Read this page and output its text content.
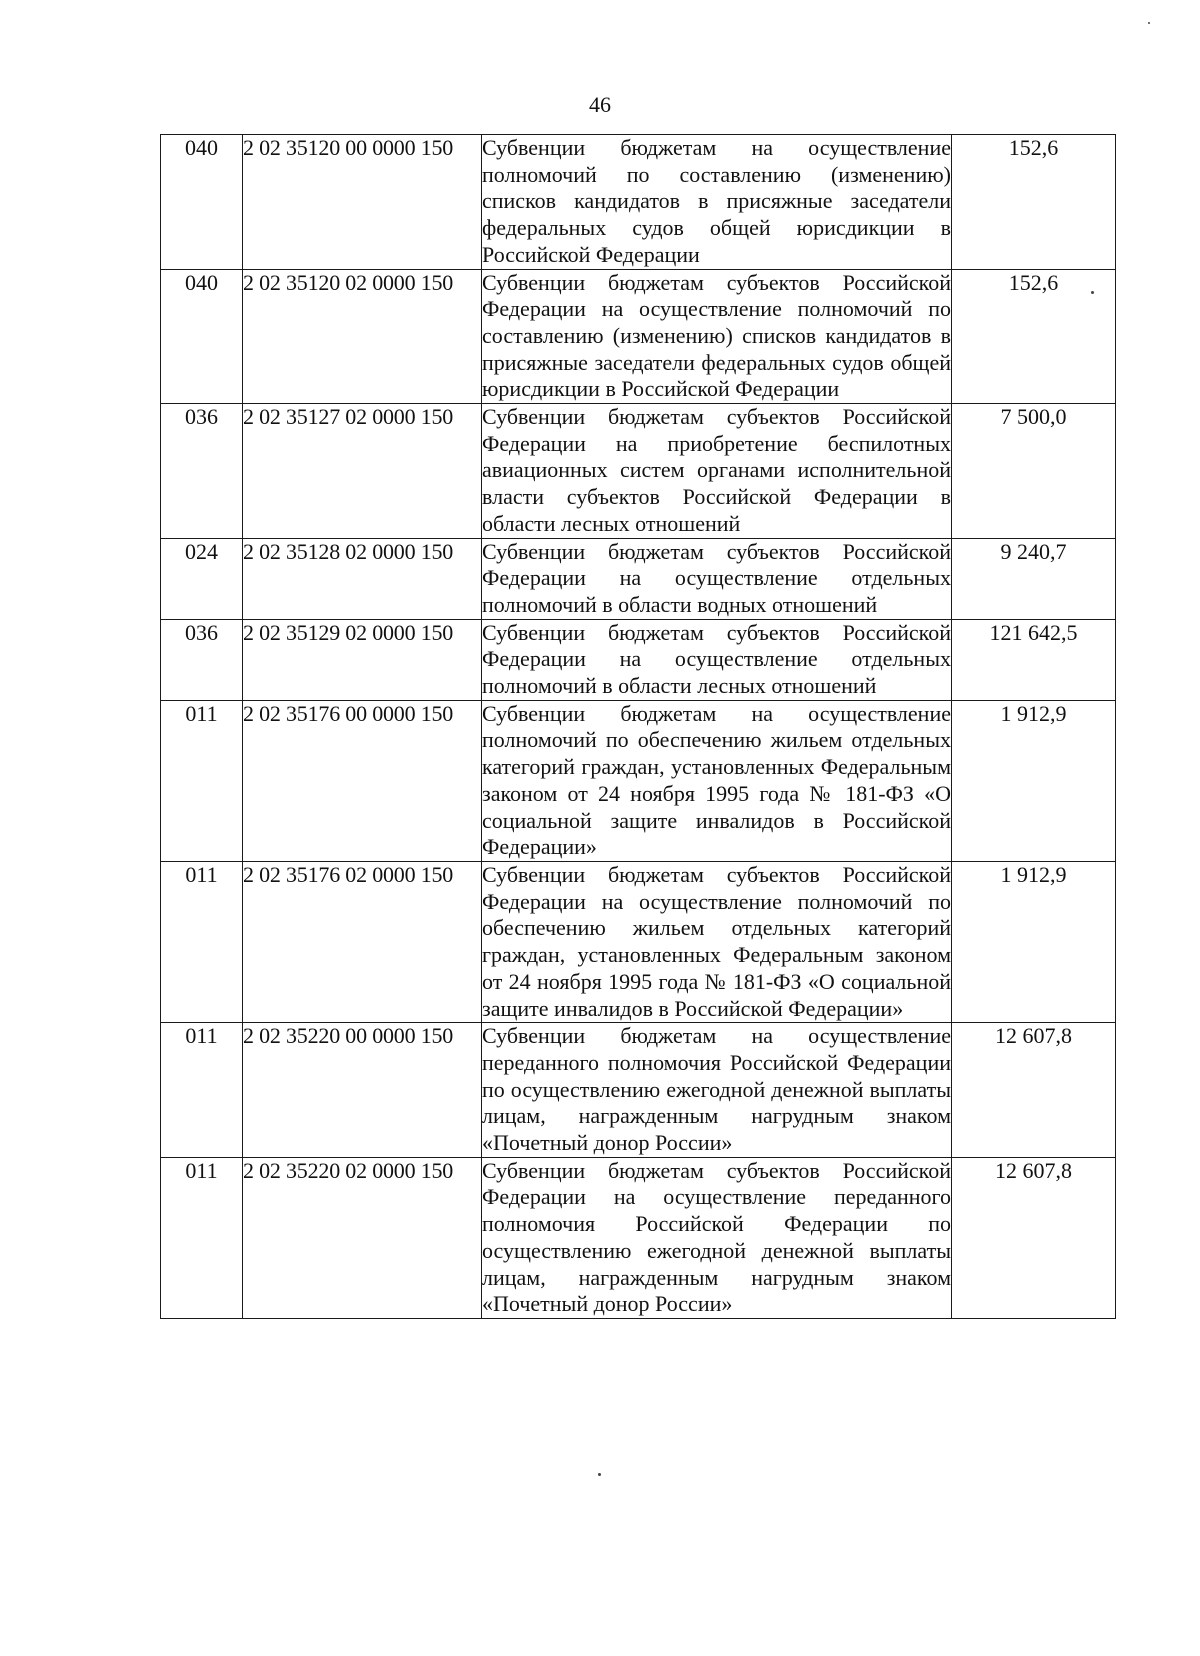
46
040	2 02 35120 00 0000 150	Субвенции бюджетам на осуществление полномочий по составлению (изменению) списков кандидатов в присяжные заседатели федеральных судов общей юрисдикции в Российской Федерации	152,6
040	2 02 35120 02 0000 150	Субвенции бюджетам субъектов Российской Федерации на осуществление полномочий по составлению (изменению) списков кандидатов в присяжные заседатели федеральных судов общей юрисдикции в Российской Федерации	152,6
036	2 02 35127 02 0000 150	Субвенции бюджетам субъектов Российской Федерации на приобретение беспилотных авиационных систем органами исполнительной власти субъектов Российской Федерации в области лесных отношений	7 500,0
024	2 02 35128 02 0000 150	Субвенции бюджетам субъектов Российской Федерации на осуществление отдельных полномочий в области водных отношений	9 240,7
036	2 02 35129 02 0000 150	Субвенции бюджетам субъектов Российской Федерации на осуществление отдельных полномочий в области лесных отношений	121 642,5
011	2 02 35176 00 0000 150	Субвенции бюджетам на осуществление полномочий по обеспечению жильем отдельных категорий граждан, установленных Федеральным законом от 24 ноября 1995 года № 181-ФЗ «О социальной защите инвалидов в Российской Федерации»	1 912,9
011	2 02 35176 02 0000 150	Субвенции бюджетам субъектов Российской Федерации на осуществление полномочий по обеспечению жильем отдельных категорий граждан, установленных Федеральным законом от 24 ноября 1995 года № 181-ФЗ «О социальной защите инвалидов в Российской Федерации»	1 912,9
011	2 02 35220 00 0000 150	Субвенции бюджетам на осуществление переданного полномочия Российской Федерации по осуществлению ежегодной денежной выплаты лицам, награжденным нагрудным знаком «Почетный донор России»	12 607,8
011	2 02 35220 02 0000 150	Субвенции бюджетам субъектов Российской Федерации на осуществление переданного полномочия Российской Федерации по осуществлению ежегодной денежной выплаты лицам, награжденным нагрудным знаком «Почетный донор России»	12 607,8
